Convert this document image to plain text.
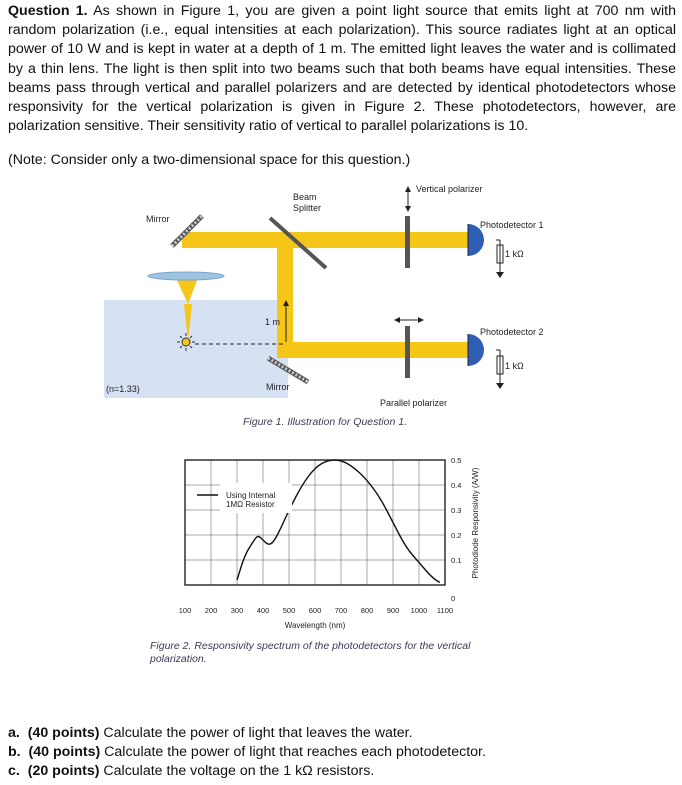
Question 1. As shown in Figure 1, you are given a point light source that emits light at 700 nm with random polarization (i.e., equal intensities at each polarization). This source radiates light at an optical power of 10 W and is kept in water at a depth of 1 m. The emitted light leaves the water and is collimated by a thin lens. The light is then split into two beams such that both beams have equal intensities. These beams pass through vertical and parallel polarizers and are detected by identical photodetectors whose responsivity for the vertical polarization is given in Figure 2. These photodetectors, however, are polarization sensitive. Their sensitivity ratio of vertical to parallel polarizations is 10.
(Note: Consider only a two-dimensional space for this question.)
Mirror
Beam
Splitter
Vertical polarizer
Photodetector 1
1 kΩ
1 m
Photodetector 2
1 kΩ
(n=1.33)	Mirror
Parallel polarizer
Figure 1. Illustration for Question 1.
100 200 300 400 500 600 700 800 900 1000 1100
0
0.1
0.2
0.3
0.4
0.5
Using Internal
1MΩ Resistor
Wavelength (nm)
Photodiode Responsivity (A/W)
Figure 2. Responsivity spectrum of the photodetectors for the vertical polarization.
a. (40 points) Calculate the power of light that leaves the water.
b. (40 points) Calculate the power of light that reaches each photodetector.
c. (20 points) Calculate the voltage on the 1 kΩ resistors.
